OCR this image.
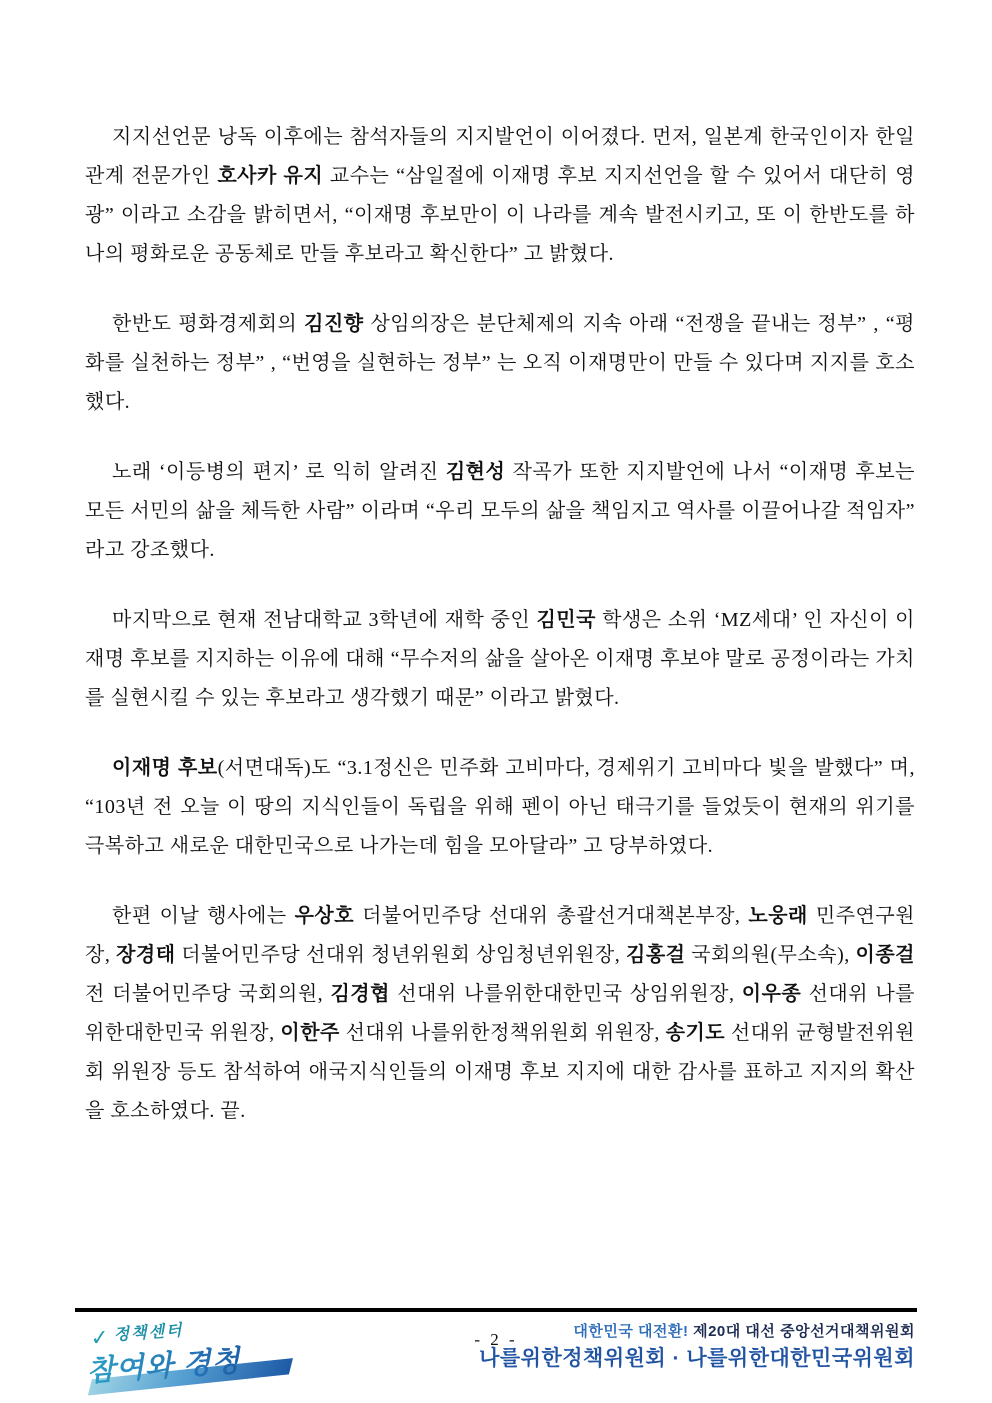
지지선언문 낭독 이후에는 참석자들의 지지발언이 이어졌다. 먼저, 일본계 한국인이자 한일관계 전문가인 호사카 유지 교수는 “삼일절에 이재명 후보 지지선언을 할 수 있어서 대단히 영광” 이라고 소감을 밝히면서, “이재명 후보만이 이 나라를 계속 발전시키고, 또 이 한반도를 하나의 평화로운 공동체로 만들 후보라고 확신한다” 고 밝혔다.

한반도 평화경제회의 김진향 상임의장은 분단체제의 지속 아래 “전쟁을 끝내는 정부” , “평화를 실천하는 정부” , “번영을 실현하는 정부” 는 오직 이재명만이 만들 수 있다며 지지를 호소했다.

노래 ‘이등병의 편지’ 로 익히 알려진 김현성 작곡가 또한 지지발언에 나서 “이재명 후보는 모든 서민의 삶을 체득한 사람” 이라며 “우리 모두의 삶을 책임지고 역사를 이끌어나갈 적임자” 라고 강조했다.

마지막으로 현재 전남대학교 3학년에 재학 중인 김민국 학생은 소위 ‘MZ세대’ 인 자신이 이재명 후보를 지지하는 이유에 대해 “무수저의 삶을 살아온 이재명 후보야 말로 공정이라는 가치를 실현시킬 수 있는 후보라고 생각했기 때문” 이라고 밝혔다.

이재명 후보(서면대독)도 “3.1정신은 민주화 고비마다, 경제위기 고비마다 빛을 발했다” 며, “103년 전 오늘 이 땅의 지식인들이 독립을 위해 펜이 아닌 태극기를 들었듯이 현재의 위기를 극복하고 새로운 대한민국으로 나가는데 힘을 모아달라” 고 당부하였다.

한편 이날 행사에는 우상호 더불어민주당 선대위 총괄선거대책본부장, 노웅래 민주연구원장, 장경태 더불어민주당 선대위 청년위원회 상임청년위원장, 김홍걸 국회의원(무소속), 이종걸 전 더불어민주당 국회의원, 김경협 선대위 나를위한대한민국 상임위원장, 이우종 선대위 나를위한대한민국 위원장, 이한주 선대위 나를위한정책위원회 위원장, 송기도 선대위 균형발전위원회 위원장 등도 참석하여 애국지식인들의 이재명 후보 지지에 대한 감사를 표하고 지지의 확산을 호소하였다. 끝.

✓ 정책센터
참여와 경청
- 2 -	대한민국 대전환! 제20대 대선 중앙선거대책위원회
나를위한정책위원회 · 나를위한대한민국위원회
